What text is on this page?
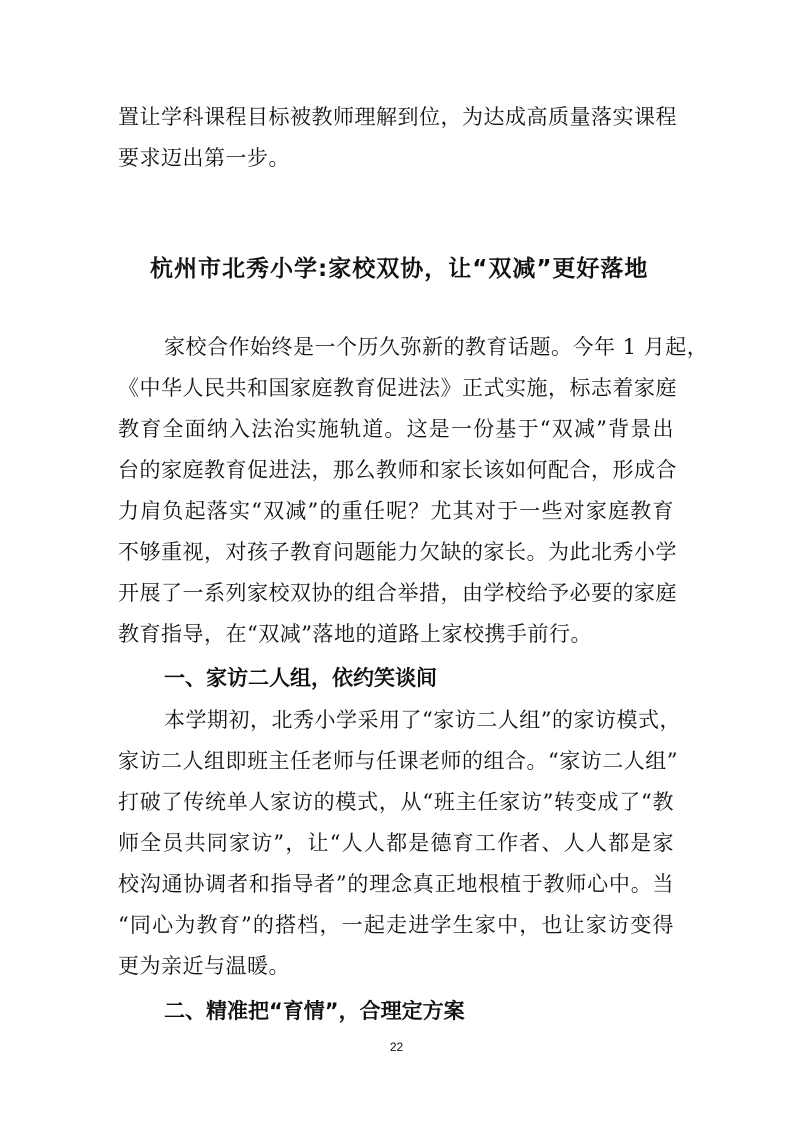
置让学科课程目标被教师理解到位，为达成高质量落实课程
要求迈出第一步。
杭州市北秀小学:家校双协，让“双减”更好落地
家校合作始终是一个历久弥新的教育话题。今年 1 月起，
《中华人民共和国家庭教育促进法》正式实施，标志着家庭
教育全面纳入法治实施轨道。这是一份基于“双减”背景出
台的家庭教育促进法，那么教师和家长该如何配合，形成合
力肩负起落实“双减”的重任呢？尤其对于一些对家庭教育
不够重视，对孩子教育问题能力欠缺的家长。为此北秀小学
开展了一系列家校双协的组合举措，由学校给予必要的家庭
教育指导，在“双减”落地的道路上家校携手前行。
一、家访二人组，依约笑谈间
本学期初，北秀小学采用了“家访二人组”的家访模式，
家访二人组即班主任老师与任课老师的组合。“家访二人组”
打破了传统单人家访的模式，从“班主任家访”转变成了“教
师全员共同家访”，让“人人都是德育工作者、人人都是家
校沟通协调者和指导者”的理念真正地根植于教师心中。当
“同心为教育”的搭档，一起走进学生家中，也让家访变得
更为亲近与温暖。
二、精准把“育情”，合理定方案
22
